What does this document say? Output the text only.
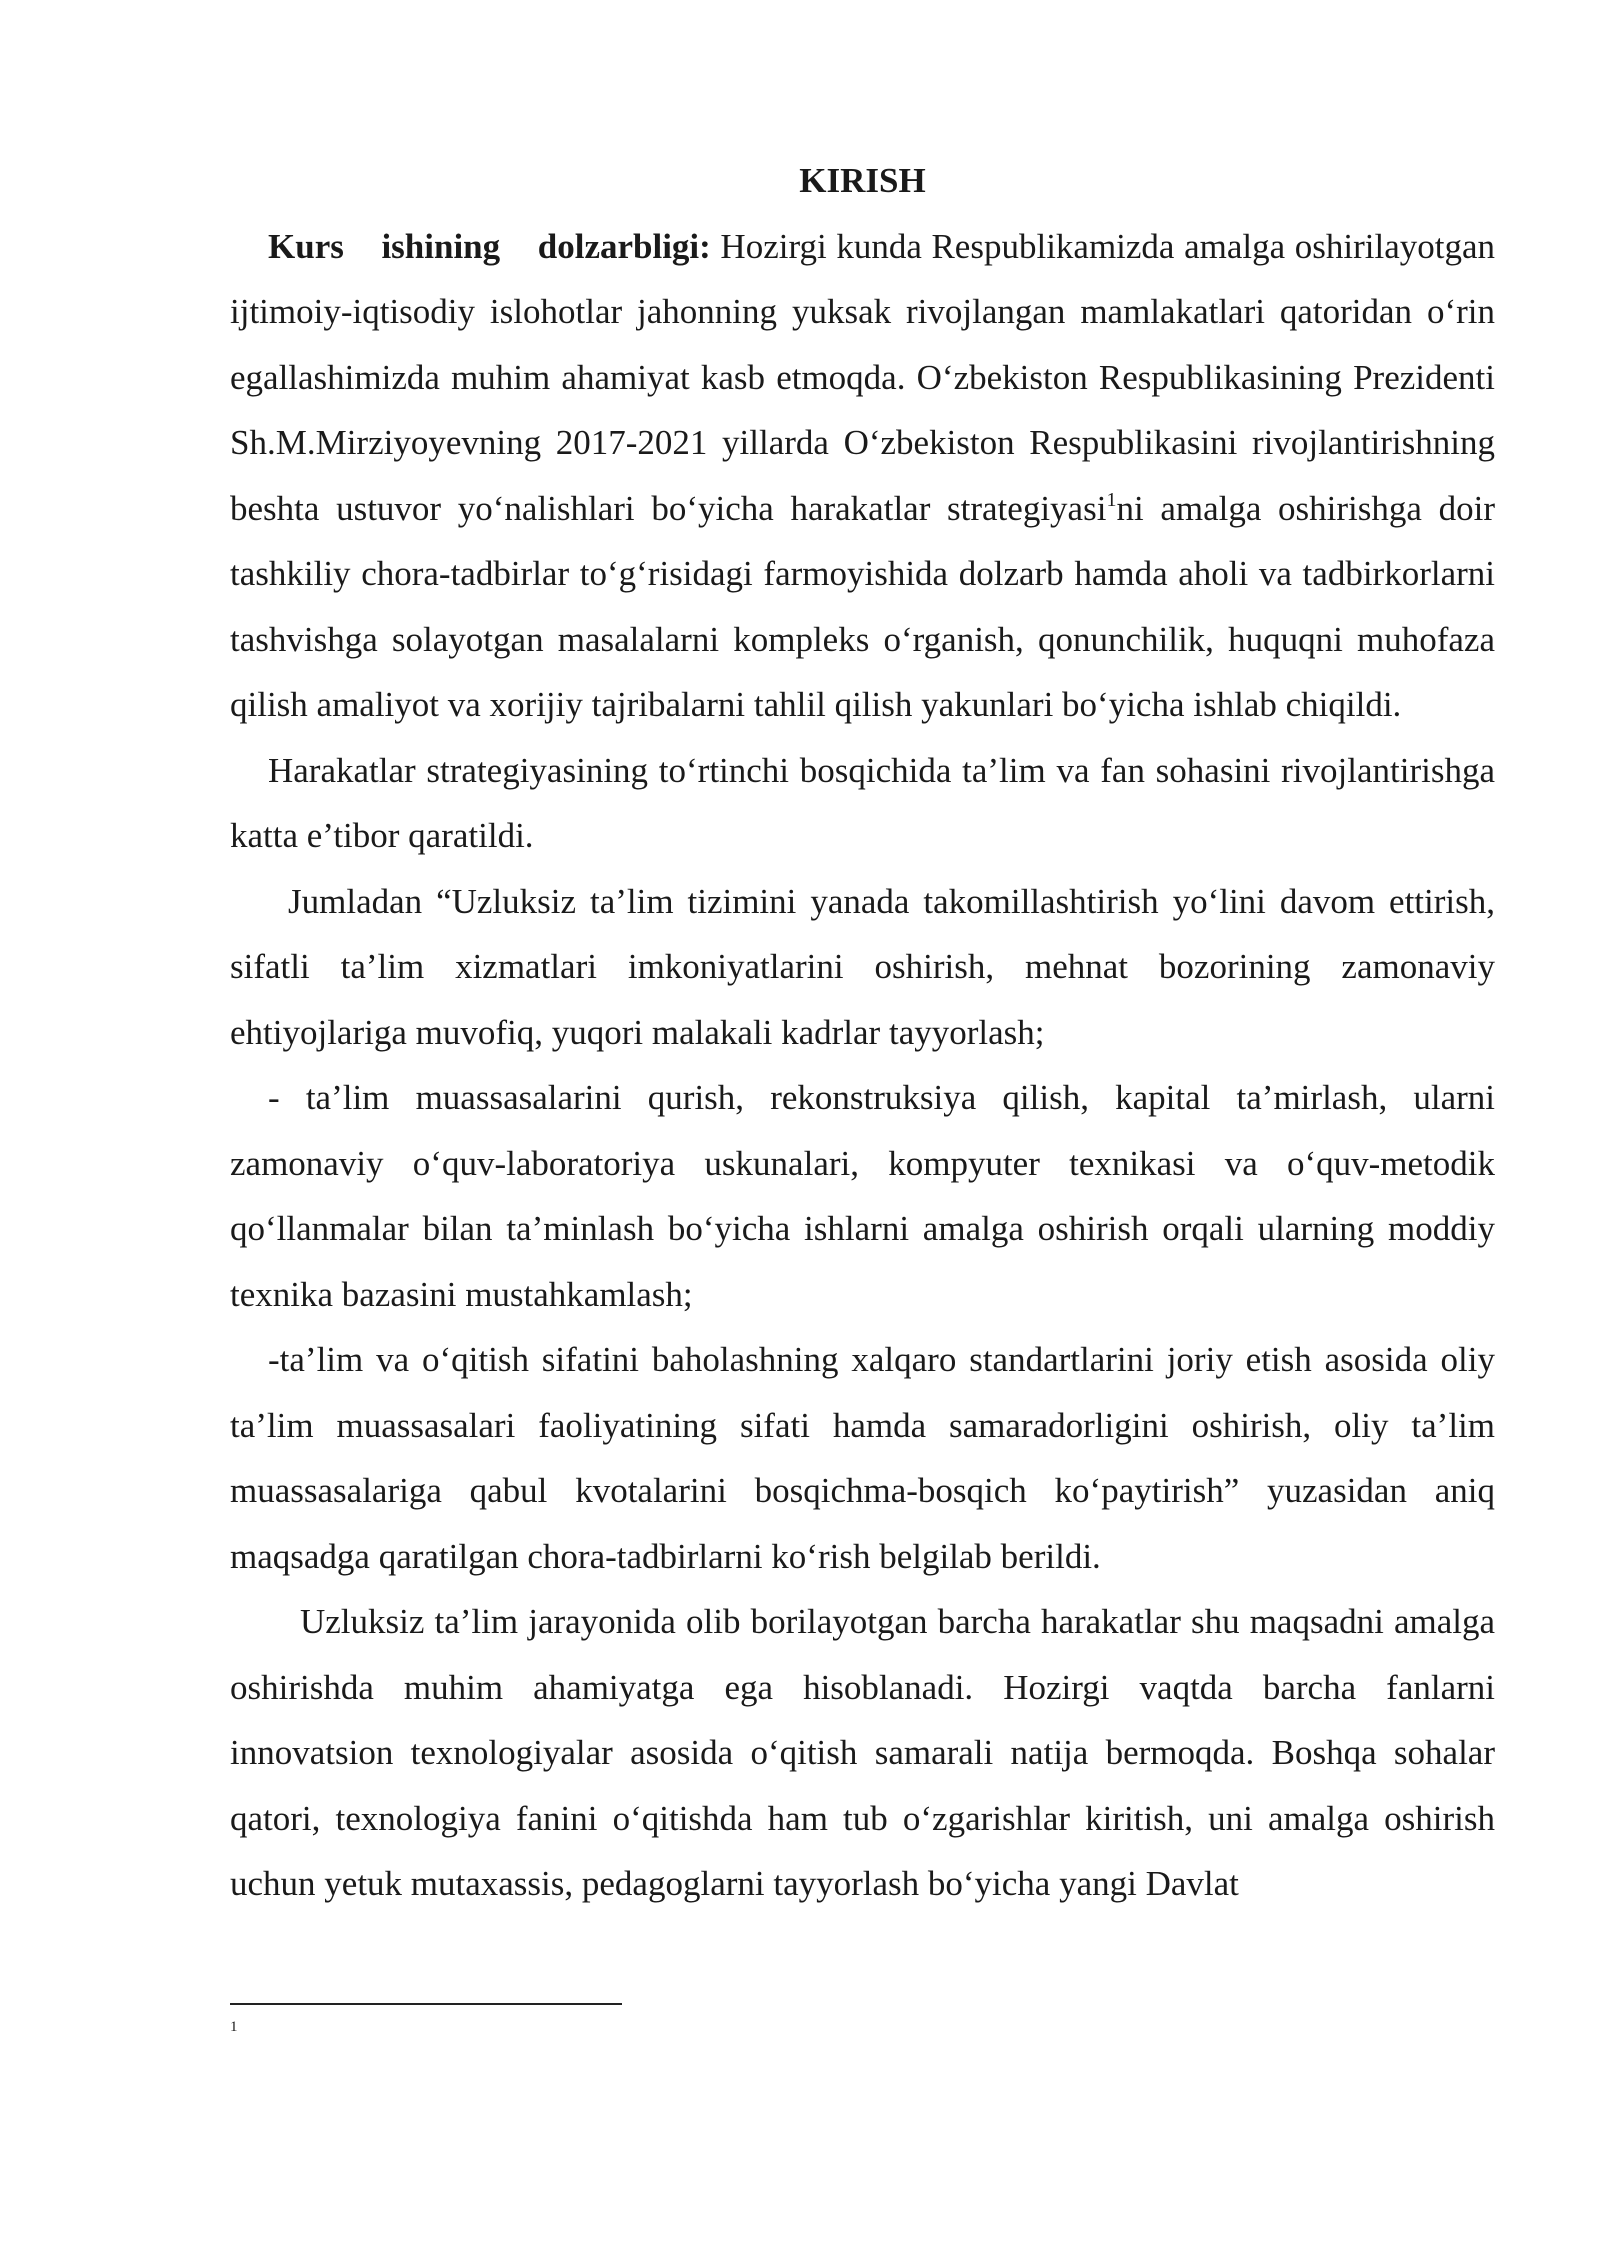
KIRISH

Kurs ishining dolzarbligi: Hozirgi kunda Respublikamizda amalga oshirilayotgan ijtimoiy-iqtisodiy islohotlar jahonning yuksak rivojlangan mamlakatlari qatoridan o‘rin egallashimizda muhim ahamiyat kasb etmoqda. O‘zbekiston Respublikasining Prezidenti Sh.M.Mirziyoyevning 2017-2021 yillarda O‘zbekiston Respublikasini rivojlantirishning beshta ustuvor yo‘nalishlari bo‘yicha harakatlar strategiyasi$^1$ni amalga oshirishga doir tashkiliy chora-tadbirlar to‘g‘risidagi farmoyishida dolzarb hamda aholi va tadbirkorlarni tashvishga solayotgan masalalarni kompleks o‘rganish, qonunchilik, huquqni muhofaza qilish amaliyot va xorijiy tajribalarni tahlil qilish yakunlari bo‘yicha ishlab chiqildi.

Harakatlar strategiyasining to‘rtinchi bosqichida ta’lim va fan sohasini rivojlantirishga katta e’tibor qaratildi.

Jumladan “Uzluksiz ta’lim tizimini yanada takomillashtirish yo‘lini davom ettirish, sifatli ta’lim xizmatlari imkoniyatlarini oshirish, mehnat bozorining zamonaviy ehtiyojlariga muvofiq, yuqori malakali kadrlar tayyorlash;

- ta’lim muassasalarini qurish, rekonstruksiya qilish, kapital ta’mirlash, ularni zamonaviy o‘quv-laboratoriya uskunalari, kompyuter texnikasi va o‘quv-metodik qo‘llanmalar bilan ta’minlash bo‘yicha ishlarni amalga oshirish orqali ularning moddiy texnika bazasini mustahkamlash;

-ta’lim va o‘qitish sifatini baholashning xalqaro standartlarini joriy etish asosida oliy ta’lim muassasalari faoliyatining sifati hamda samaradorligini oshirish, oliy ta’lim muassasalariga qabul kvotalarini bosqichma-bosqich ko‘paytirish” yuzasidan aniq maqsadga qaratilgan chora-tadbirlarni ko‘rish belgilab berildi.

Uzluksiz ta’lim jarayonida olib borilayotgan barcha harakatlar shu maqsadni amalga oshirishda muhim ahamiyatga ega hisoblanadi. Hozirgi vaqtda barcha fanlarni innovatsion texnologiyalar asosida o‘qitish samarali natija bermoqda. Boshqa sohalar qatori, texnologiya fanini o‘qitishda ham tub o‘zgarishlar kiritish, uni amalga oshirish uchun yetuk mutaxassis, pedagoglarni tayyorlash bo‘yicha yangi Davlat

1
